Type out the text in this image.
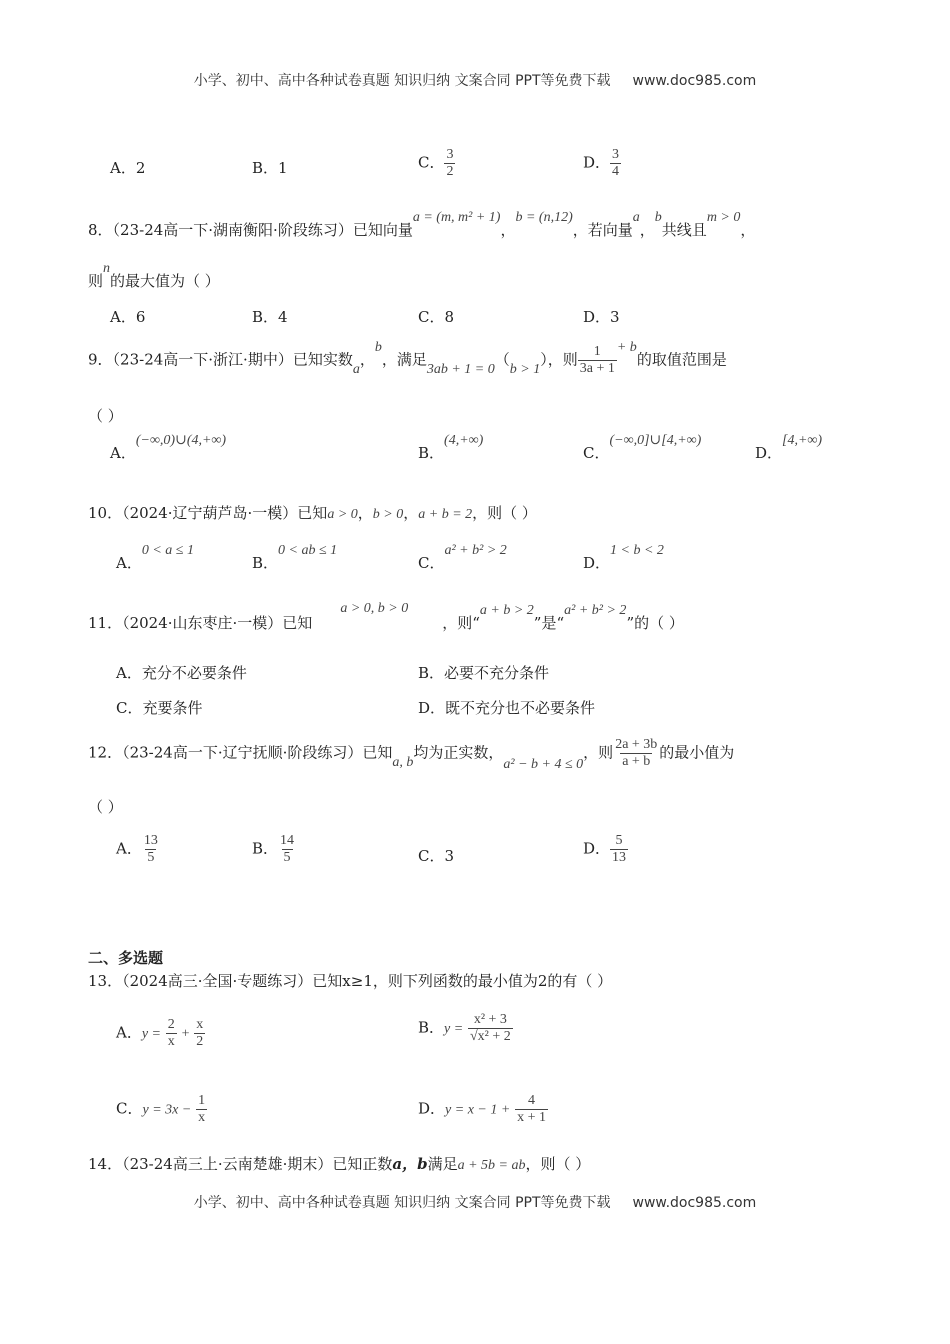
小学、初中、高中各种试卷真题 知识归纳 文案合同 PPT等免费下载 www.doc985.com
A．2	B．1	C． $\frac{3}{2}$	D． $\frac{3}{4}$
8．（23-24高一下·湖南衡阳·阶段练习）已知向量a = (m, m² + 1)，b = (n,12)，若向量a，b共线且m > 0，
则n的最大值为（ ）
A．6	B．4	C．8	D．3
9．（23-24高一下·浙江·期中）已知实数a，b，满足3ab + 1 = 0（b > 1），则 $\frac{1}{3a + 1} + b$的取值范围是
（ ）
A．(−∞,0)∪(4,+∞)
B．(4,+∞)
C．(−∞,0]∪[4,+∞)
D．[4,+∞)
10．（2024·辽宁葫芦岛·一模）已知a > 0，b > 0，a + b = 2，则（ ）
A．0 < a ≤ 1
B．0 < ab ≤ 1
C．a² + b² > 2
D．1 < b < 2
11．（2024·山东枣庄·一模）已知a > 0, b > 0，则“a + b > 2”是“a² + b² > 2”的（ ）
A．充分不必要条件	B．必要不充分条件
C．充要条件	D．既不充分也不必要条件
12．（23-24高一下·辽宁抚顺·阶段练习）已知a, b均为正实数，a² − b + 4 ≤ 0，则 $\frac{2a + 3b}{a + b}$ 的最小值为
（ ）
A． $\frac{13}{5}$	B． $\frac{14}{5}$	C．3	D． $\frac{5}{13}$
二、多选题
13．（2024高三·全国·专题练习）已知x≥1，则下列函数的最小值为2的有（ ）
A．$y = \frac{2}{x} + \frac{x}{2}$	B．$y = \frac{\text{x² + 3}}{\text{√x² + 2}}$
C．$y = 3x - \frac{1}{x}$	D．$y = x - 1 + \frac{4}{x + 1}$
14．（23-24高三上·云南楚雄·期末）已知正数a，b满足a + 5b = ab，则（ ）
小学、初中、高中各种试卷真题 知识归纳 文案合同 PPT等免费下载 www.doc985.com
